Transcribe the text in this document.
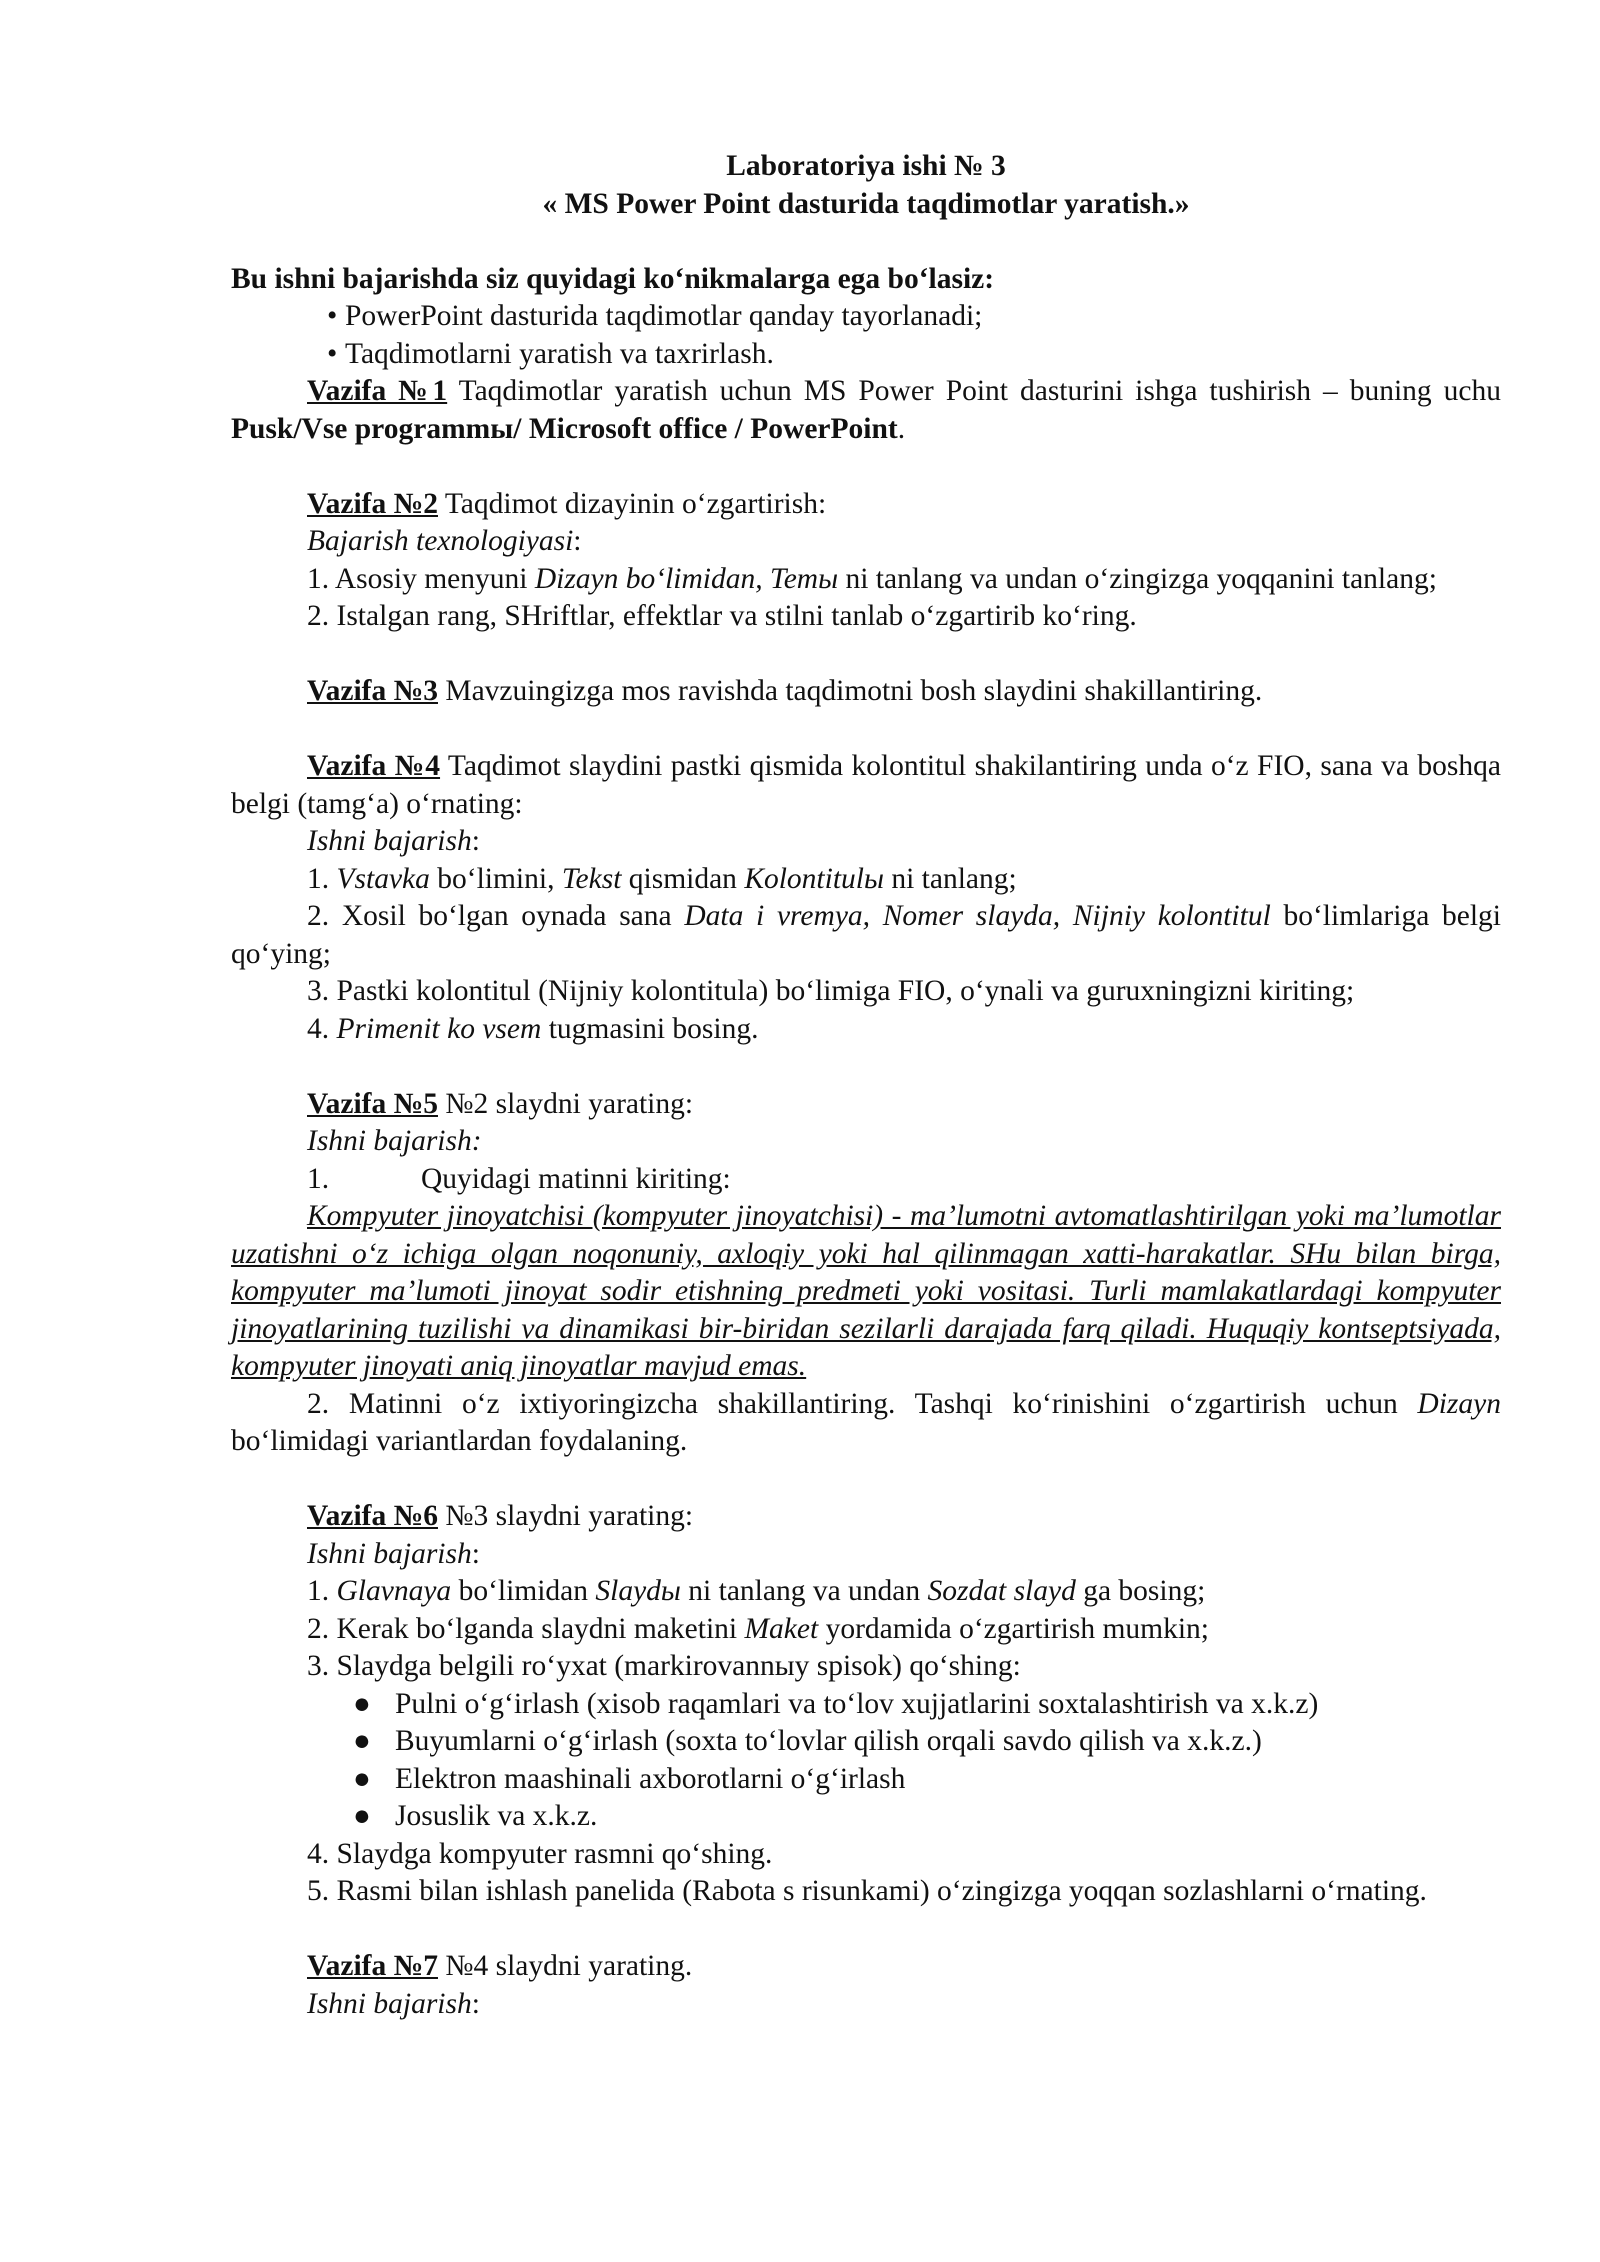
Laboratoriya ishi № 3

« MS Power Point dasturida taqdimotlar yaratish.»

Bu ishni bajarishda siz quyidagi ko‘nikmalarga ega bo‘lasiz:

• PowerPoint dasturida taqdimotlar qanday tayorlanadi;

• Taqdimotlarni yaratish va taxrirlash.

Vazifa №1 Taqdimotlar yaratish uchun MS Power Point dasturini ishga tushirish – buning uchu Pusk/Vse programmы/ Microsoft office / PowerPoint.

Vazifa №2 Taqdimot dizayinin o‘zgartirish:

Bajarish texnologiyasi:

1. Asosiy menyuni Dizayn bo‘limidan, Temы ni tanlang va undan o‘zingizga yoqqanini tanlang;

2. Istalgan rang, SHriftlar, effektlar va stilni tanlab o‘zgartirib ko‘ring.

Vazifa №3 Mavzuingizga mos ravishda taqdimotni bosh slaydini shakillantiring.

Vazifa №4 Taqdimot slaydini pastki qismida kolontitul shakilantiring unda o‘z FIO, sana va boshqa belgi (tamg‘a) o‘rnating:

Ishni bajarish:

1. Vstavka bo‘limini, Tekst qismidan Kolontitulы ni tanlang;

2. Xosil bo‘lgan oynada sana Data i vremya, Nomer slayda, Nijniy kolontitul bo‘limlariga belgi qo‘ying;

3. Pastki kolontitul (Nijniy kolontitula) bo‘limiga FIO, o‘ynali va guruxningizni kiriting;

4. Primenit ko vsem tugmasini bosing.

Vazifa №5 №2 slaydni yarating:

Ishni bajarish:

1.	Quyidagi matinni kiriting:

Kompyuter jinoyatchisi (kompyuter jinoyatchisi) - ma’lumotni avtomatlashtirilgan yoki ma’lumotlar uzatishni o‘z ichiga olgan noqonuniy, axloqiy yoki hal qilinmagan xatti-harakatlar. SHu bilan birga, kompyuter ma’lumoti jinoyat sodir etishning predmeti yoki vositasi. Turli mamlakatlardagi kompyuter jinoyatlarining tuzilishi va dinamikasi bir-biridan sezilarli darajada farq qiladi. Huquqiy kontseptsiyada, kompyuter jinoyati aniq jinoyatlar mavjud emas.

2. Matinni o‘z ixtiyoringizcha shakillantiring. Tashqi ko‘rinishini o‘zgartirish uchun Dizayn bo‘limidagi variantlardan foydalaning.

Vazifa №6 №3 slaydni yarating:

Ishni bajarish:

1. Glavnaya bo‘limidan Slaydы ni tanlang va undan Sozdat slayd ga bosing;

2. Kerak bo‘lganda slaydni maketini Maket yordamida o‘zgartirish mumkin;

3. Slaydga belgili ro‘yxat (markirovannыy spisok) qo‘shing:

● Pulni o‘g‘irlash (xisob raqamlari va to‘lov xujjatlarini soxtalashtirish va x.k.z)

● Buyumlarni o‘g‘irlash (soxta to‘lovlar qilish orqali savdo qilish va x.k.z.)

● Elektron maashinali axborotlarni o‘g‘irlash

● Josuslik va x.k.z.

4. Slaydga kompyuter rasmni qo‘shing.

5. Rasmi bilan ishlash panelida (Rabota s risunkami) o‘zingizga yoqqan sozlashlarni o‘rnating.

Vazifa №7 №4 slaydni yarating.

Ishni bajarish:
